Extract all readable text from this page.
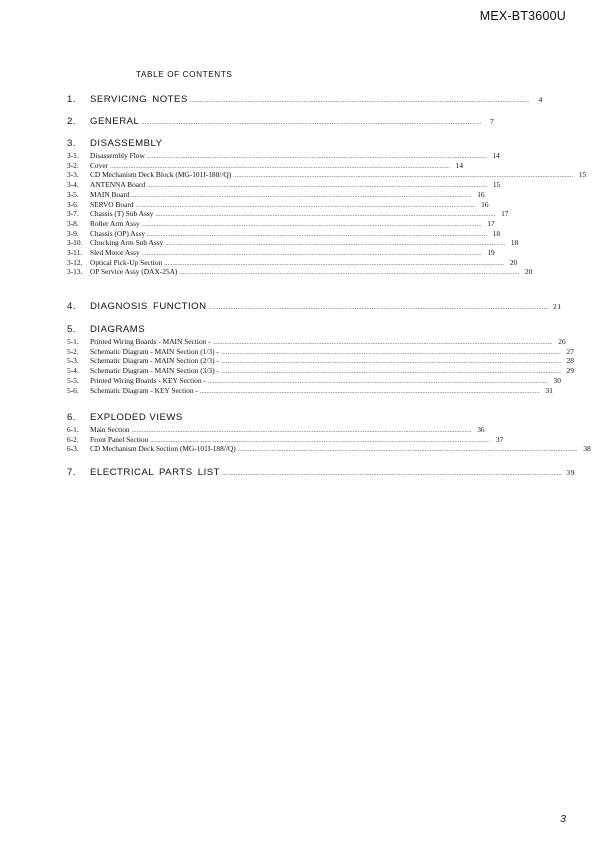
MEX-BT3600U
TABLE OF CONTENTS
1.	SERVICING NOTES ........................................................................................................................................................................................................	4
2.	GENERAL ........................................................................................................................................................................................................	7
3. DISASSEMBLY
3-1.	Disassembly Flow ........................................................................................................................................................................................................ 14
3-2.	Cover ........................................................................................................................................................................................................ 14
3-3.	CD Mechanism Deck Block (MG-101I-188//Q) ........................................................................................................................................................................................................ 15
3-4.	ANTENNA Board ........................................................................................................................................................................................................ 15
3-5.	MAIN Board ........................................................................................................................................................................................................ 16
3-6.	SERVO Board ........................................................................................................................................................................................................ 16
3-7.	Chassis (T) Sub Assy ........................................................................................................................................................................................................ 17
3-8.	Roller Arm Assy ........................................................................................................................................................................................................ 17
3-9.	Chassis (OP) Assy ........................................................................................................................................................................................................ 18
3-10.	Chucking Arm Sub Assy ........................................................................................................................................................................................................ 18
3-11.	Sled Motor Assy ........................................................................................................................................................................................................ 19
3-12.	Optical Pick-Up Section ........................................................................................................................................................................................................ 20
3-13.	OP Service Assy (DAX-25A) ........................................................................................................................................................................................................ 20
4.	DIAGNOSIS FUNCTION ........................................................................................................................................................................................................ 21
5. DIAGRAMS
5-1.	Printed Wiring Boards - MAIN Section - ........................................................................................................................................................................................................ 26
5-2.	Schematic Diagram - MAIN Section (1/3) - ........................................................................................................................................................................................................ 27
5-3.	Schematic Diagram - MAIN Section (2/3) - ........................................................................................................................................................................................................ 28
5-4.	Schematic Diagram - MAIN Section (3/3) - ........................................................................................................................................................................................................ 29
5-5.	Printed Wiring Boards - KEY Section - ........................................................................................................................................................................................................ 30
5-6.	Schematic Diagram - KEY Section - ........................................................................................................................................................................................................ 31
6. EXPLODED VIEWS
6-1.	Main Section ........................................................................................................................................................................................................ 36
6-2.	Front Panel Section ........................................................................................................................................................................................................ 37
6-3.	CD Mechanism Deck Section (MG-101I-188//Q) ........................................................................................................................................................................................................ 38
7.	ELECTRICAL PARTS LIST ........................................................................................................................................................................................................ 39
3
